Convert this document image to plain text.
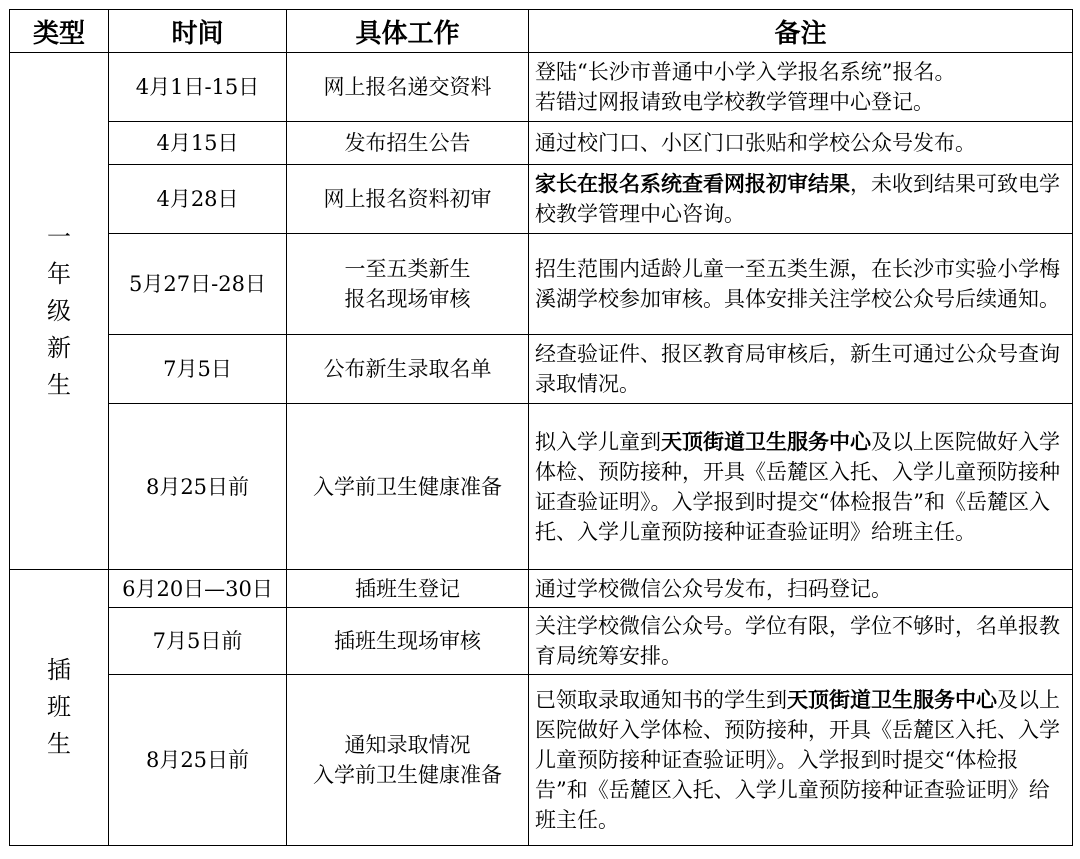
类型	时间	具体工作	备注

一
年
级
新
生	4月1日-15日	网上报名递交资料	登陆“长沙市普通中小学入学报名系统”报名。
若错过网报请致电学校教学管理中心登记。

	4月15日	发布招生公告	通过校门口、小区门口张贴和学校公众号发布。
	4月28日	网上报名资料初审	家长在报名系统查看网报初审结果，未收到结果可致电学校教学管理中心咨询。
	5月27日-28日	一至五类新生
报名现场审核	招生范围内适龄儿童一至五类生源，在长沙市实验小学梅溪湖学校参加审核。具体安排关注学校公众号后续通知。
	7月5日	公布新生录取名单	经查验证件、报区教育局审核后，新生可通过公众号查询录取情况。
	8月25日前	入学前卫生健康准备	拟入学儿童到天顶街道卫生服务中心及以上医院做好入学体检、预防接种，开具《岳麓区入托、入学儿童预防接种证查验证明》。入学报到时提交“体检报告”和《岳麓区入托、入学儿童预防接种证查验证明》给班主任。

插
班
生	6月20日—30日	插班生登记	通过学校微信公众号发布，扫码登记。
	7月5日前	插班生现场审核	关注学校微信公众号。学位有限，学位不够时，名单报教育局统筹安排。
	8月25日前	通知录取情况
入学前卫生健康准备	已领取录取通知书的学生到天顶街道卫生服务中心及以上医院做好入学体检、预防接种，开具《岳麓区入托、入学儿童预防接种证查验证明》。入学报到时提交“体检报告”和《岳麓区入托、入学儿童预防接种证查验证明》给班主任。
